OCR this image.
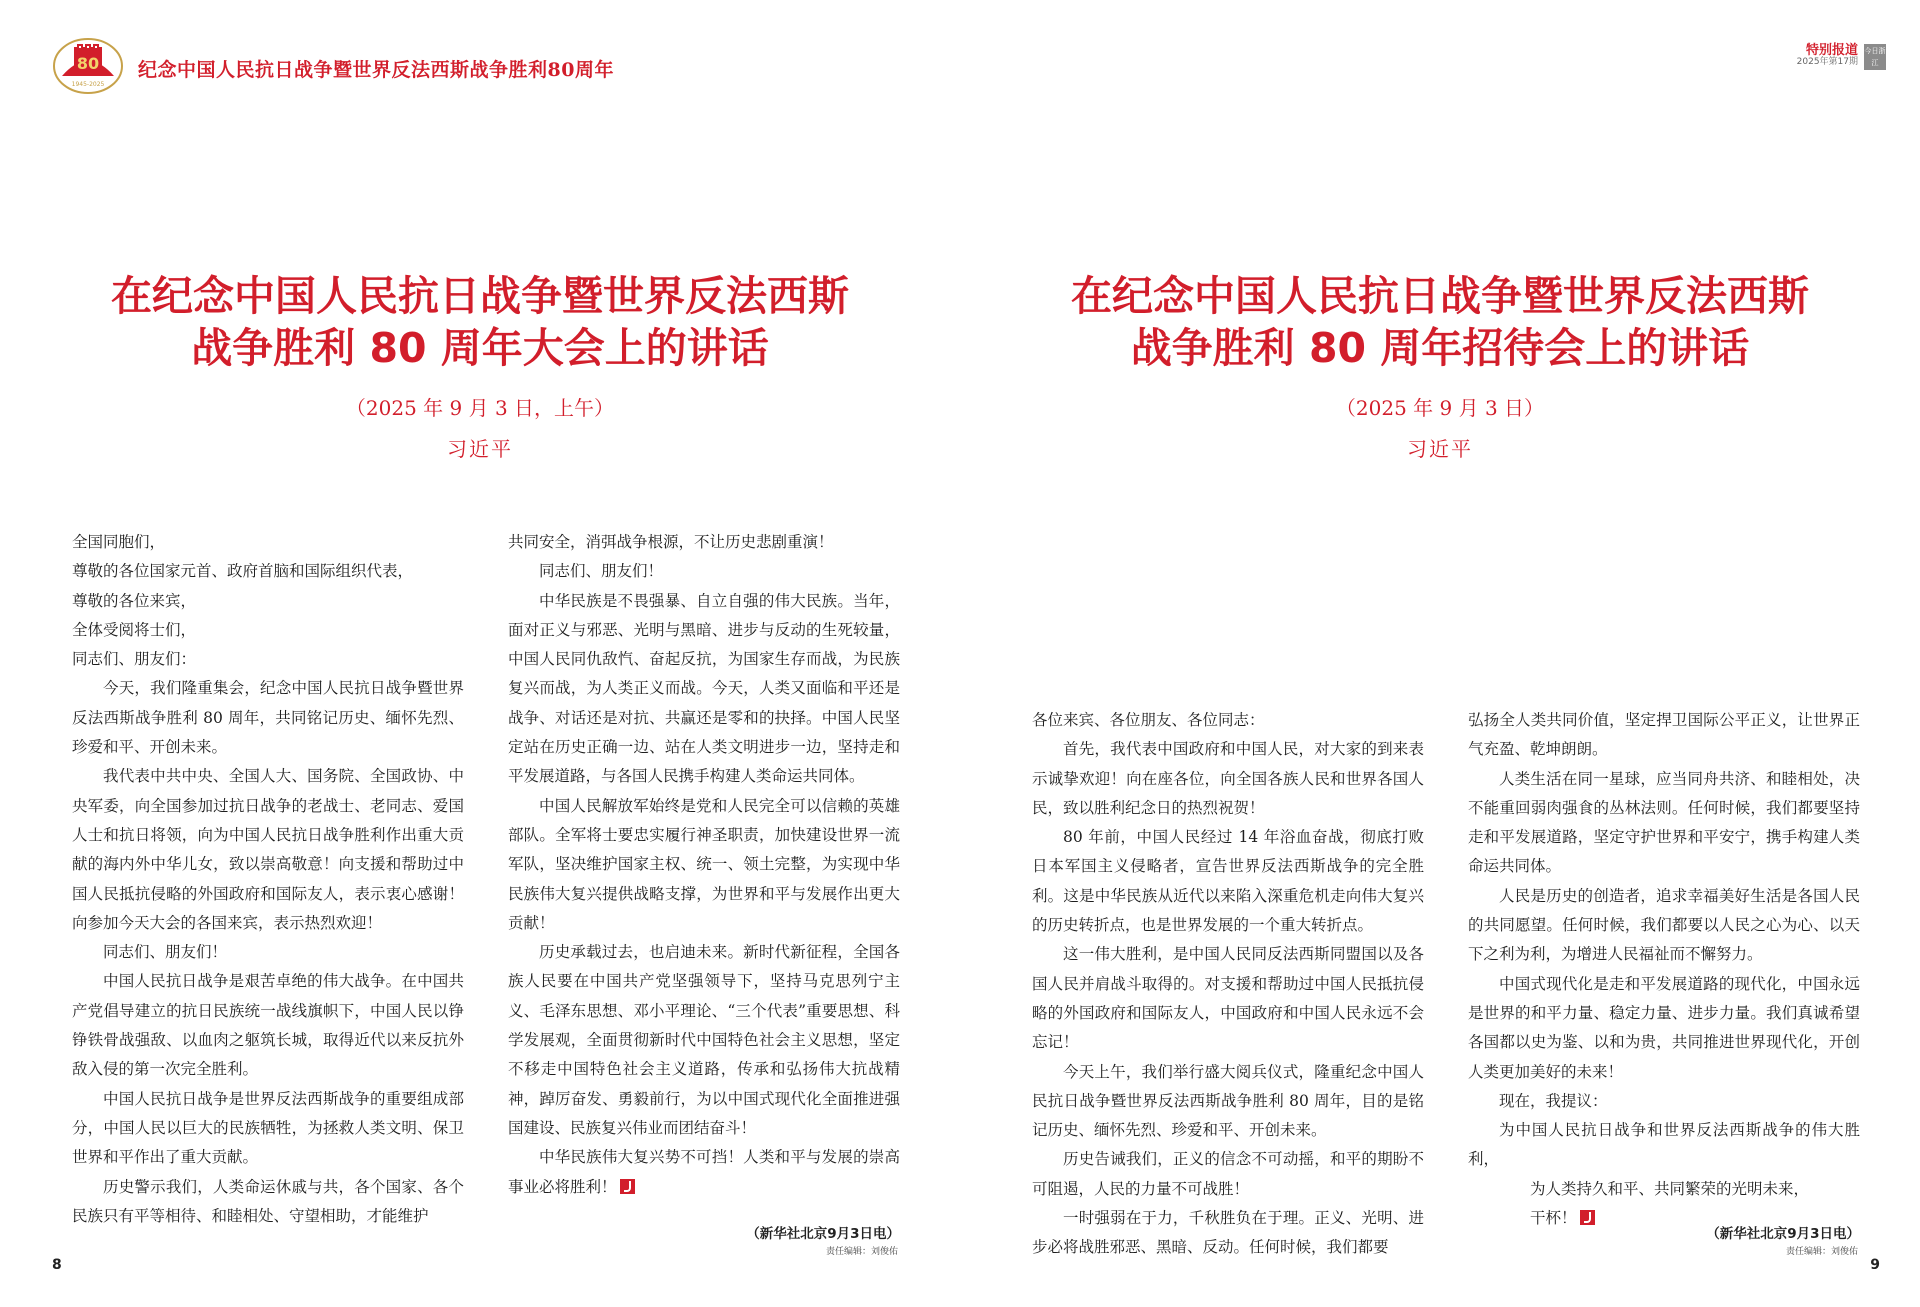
80
1945-2025
纪念中国人民抗日战争暨世界反法西斯战争胜利80周年
在纪念中国人民抗日战争暨世界反法西斯
战争胜利 80 周年大会上的讲话
（2025 年 9 月 3 日，上午）
习近平

全国同胞们，

尊敬的各位国家元首、政府首脑和国际组织代表，

尊敬的各位来宾，

全体受阅将士们，

同志们、朋友们：

今天，我们隆重集会，纪念中国人民抗日战争暨世界反法西斯战争胜利 80 周年，共同铭记历史、缅怀先烈、珍爱和平、开创未来。

我代表中共中央、全国人大、国务院、全国政协、中央军委，向全国参加过抗日战争的老战士、老同志、爱国人士和抗日将领，向为中国人民抗日战争胜利作出重大贡献的海内外中华儿女，致以崇高敬意！向支援和帮助过中国人民抵抗侵略的外国政府和国际友人，表示衷心感谢！向参加今天大会的各国来宾，表示热烈欢迎！

同志们、朋友们！

中国人民抗日战争是艰苦卓绝的伟大战争。在中国共产党倡导建立的抗日民族统一战线旗帜下，中国人民以铮铮铁骨战强敌、以血肉之躯筑长城，取得近代以来反抗外敌入侵的第一次完全胜利。

中国人民抗日战争是世界反法西斯战争的重要组成部分，中国人民以巨大的民族牺牲，为拯救人类文明、保卫世界和平作出了重大贡献。

历史警示我们，人类命运休戚与共，各个国家、各个民族只有平等相待、和睦相处、守望相助，才能维护

共同安全，消弭战争根源，不让历史悲剧重演！

同志们、朋友们！

中华民族是不畏强暴、自立自强的伟大民族。当年，面对正义与邪恶、光明与黑暗、进步与反动的生死较量，中国人民同仇敌忾、奋起反抗，为国家生存而战，为民族复兴而战，为人类正义而战。今天，人类又面临和平还是战争、对话还是对抗、共赢还是零和的抉择。中国人民坚定站在历史正确一边、站在人类文明进步一边，坚持走和平发展道路，与各国人民携手构建人类命运共同体。

中国人民解放军始终是党和人民完全可以信赖的英雄部队。全军将士要忠实履行神圣职责，加快建设世界一流军队，坚决维护国家主权、统一、领土完整，为实现中华民族伟大复兴提供战略支撑，为世界和平与发展作出更大贡献！

历史承载过去，也启迪未来。新时代新征程，全国各族人民要在中国共产党坚强领导下，坚持马克思列宁主义、毛泽东思想、邓小平理论、“三个代表”重要思想、科学发展观，全面贯彻新时代中国特色社会主义思想，坚定不移走中国特色社会主义道路，传承和弘扬伟大抗战精神，踔厉奋发、勇毅前行，为以中国式现代化全面推进强国建设、民族复兴伟业而团结奋斗！

中华民族伟大复兴势不可挡！人类和平与发展的崇高事业必将胜利！

（新华社北京9月3日电）
责任编辑：刘俊佑
8
特别报道
2025年第17期
今日浙江
在纪念中国人民抗日战争暨世界反法西斯
战争胜利 80 周年招待会上的讲话
（2025 年 9 月 3 日）
习近平

各位来宾、各位朋友、各位同志：

首先，我代表中国政府和中国人民，对大家的到来表示诚挚欢迎！向在座各位，向全国各族人民和世界各国人民，致以胜利纪念日的热烈祝贺！

80 年前，中国人民经过 14 年浴血奋战，彻底打败日本军国主义侵略者，宣告世界反法西斯战争的完全胜利。这是中华民族从近代以来陷入深重危机走向伟大复兴的历史转折点，也是世界发展的一个重大转折点。

这一伟大胜利，是中国人民同反法西斯同盟国以及各国人民并肩战斗取得的。对支援和帮助过中国人民抵抗侵略的外国政府和国际友人，中国政府和中国人民永远不会忘记！

今天上午，我们举行盛大阅兵仪式，隆重纪念中国人民抗日战争暨世界反法西斯战争胜利 80 周年，目的是铭记历史、缅怀先烈、珍爱和平、开创未来。

历史告诫我们，正义的信念不可动摇，和平的期盼不可阻遏，人民的力量不可战胜！

一时强弱在于力，千秋胜负在于理。正义、光明、进步必将战胜邪恶、黑暗、反动。任何时候，我们都要

弘扬全人类共同价值，坚定捍卫国际公平正义，让世界正气充盈、乾坤朗朗。

人类生活在同一星球，应当同舟共济、和睦相处，决不能重回弱肉强食的丛林法则。任何时候，我们都要坚持走和平发展道路，坚定守护世界和平安宁，携手构建人类命运共同体。

人民是历史的创造者，追求幸福美好生活是各国人民的共同愿望。任何时候，我们都要以人民之心为心、以天下之利为利，为增进人民福祉而不懈努力。

中国式现代化是走和平发展道路的现代化，中国永远是世界的和平力量、稳定力量、进步力量。我们真诚希望各国都以史为鉴、以和为贵，共同推进世界现代化，开创人类更加美好的未来！

现在，我提议：

为中国人民抗日战争和世界反法西斯战争的伟大胜利，

为人类持久和平、共同繁荣的光明未来，

干杯！

（新华社北京9月3日电）
责任编辑：刘俊佑
9
